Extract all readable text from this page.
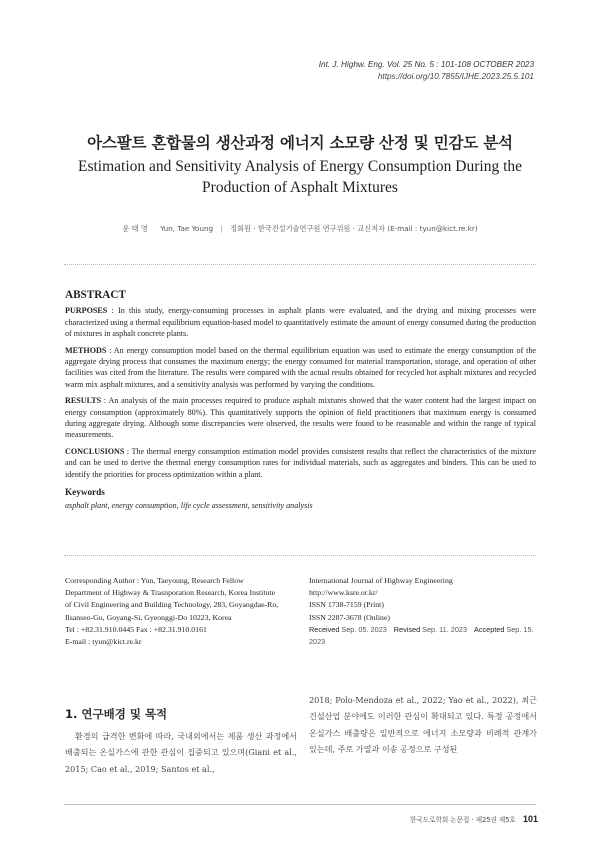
Int. J. Highw. Eng. Vol. 25 No. 5 : 101-108 OCTOBER 2023
https://doi.org/10.7855/IJHE.2023.25.5.101
아스팔트 혼합물의 생산과정 에너지 소모량 산정 및 민감도 분석
Estimation and Sensitivity Analysis of Energy Consumption During the Production of Asphalt Mixtures
윤 태 영 Yun, Tae Young | 정회원 · 한국건설기술연구원 연구위원 · 교신저자 (E-mail : tyun@kict.re.kr)
ABSTRACT

PURPOSES : In this study, energy-consuming processes in asphalt plants were evaluated, and the drying and mixing processes were characterized using a thermal equilibrium equation-based model to quantitatively estimate the amount of energy consumed during the production of mixtures in asphalt concrete plants.

METHODS : An energy consumption model based on the thermal equilibrium equation was used to estimate the energy consumption of the aggregate drying process that consumes the maximum energy; the energy consumed for material transportation, storage, and operation of other facilities was cited from the literature. The results were compared with the actual results obtained for recycled hot asphalt mixtures and recycled warm mix asphalt mixtures, and a sensitivity analysis was performed by varying the conditions.

RESULTS : An analysis of the main processes required to produce asphalt mixtures showed that the water content had the largest impact on energy consumption (approximately 80%). This quantitatively supports the opinion of field practitioners that maximum energy is consumed during aggregate drying. Although some discrepancies were observed, the results were found to be reasonable and within the range of typical measurements.

CONCLUSIONS : The thermal energy consumption estimation model provides consistent results that reflect the characteristics of the mixture and can be used to derive the thermal energy consumption rates for individual materials, such as aggregates and binders. This can be used to identify the priorities for process optimization within a plant.

Keywords
asphalt plant, energy consumption, life cycle assessment, sensitivity analysis
Corresponding Author : Yun, Taeyoung, Research Fellow
Department of Highway & Trasnporation Research, Korea Institute
of Civil Engineering and Building Technology, 283, Goyangdae-Ro,
Ilsanseo-Gu, Goyang-Si, Gyeonggi-Do 10223, Korea
Tel : +82.31.910.0445 Fax : +82.31.910.0161
E-mail : tyun@kict.re.kr
International Journal of Highway Engineering
http://www.ksre.or.kr/
ISSN 1738-7159 (Print)
ISSN 2287-3678 (Online)
Received Sep. 05. 2023 Revised Sep. 11. 2023 Accepted Sep. 15. 2023
1. 연구배경 및 목적
환경의 급격한 변화에 따라, 국내외에서는 제품 생산 과정에서 배출되는 온실가스에 관한 관심이 집중되고 있으며(Giani et al., 2015; Cao et al., 2019; Santos et al.,
2018; Polo-Mendoza et al., 2022; Yao et al., 2022), 최근 건설산업 분야에도 이러한 관심이 확대되고 있다. 특정 공정에서 온실가스 배출량은 일반적으로 에너지 소모량과 비례적 관계가 있는데, 주로 가열과 이송 공정으로 구성된
한국도로학회 논문집 · 제25권 제5호 101
